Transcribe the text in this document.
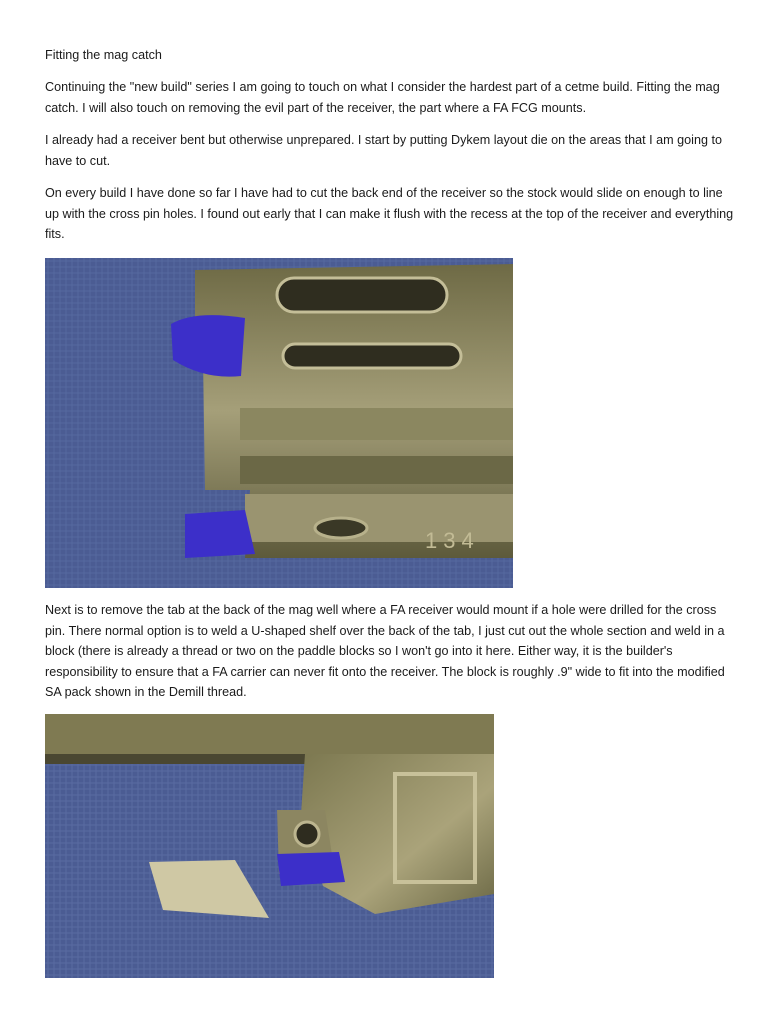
Fitting the mag catch

Continuing the "new build" series I am going to touch on what I consider the hardest part of a cetme build. Fitting the mag catch. I will also touch on removing the evil part of the receiver, the part where a FA FCG mounts.

I already had a receiver bent but otherwise unprepared. I start by putting Dykem layout die on the areas that I am going to have to cut.

On every build I have done so far I have had to cut the back end of the receiver so the stock would slide on enough to line up with the cross pin holes. I found out early that I can make it flush with the recess at the top of the receiver and everything fits.

134

Next is to remove the tab at the back of the mag well where a FA receiver would mount if a hole were drilled for the cross pin. There normal option is to weld a U-shaped shelf over the back of the tab, I just cut out the whole section and weld in a block (there is already a thread or two on the paddle blocks so I won't go into it here. Either way, it is the builder's responsibility to ensure that a FA carrier can never fit onto the receiver. The block is roughly .9" wide to fit into the modified SA pack shown in the Demill thread.
